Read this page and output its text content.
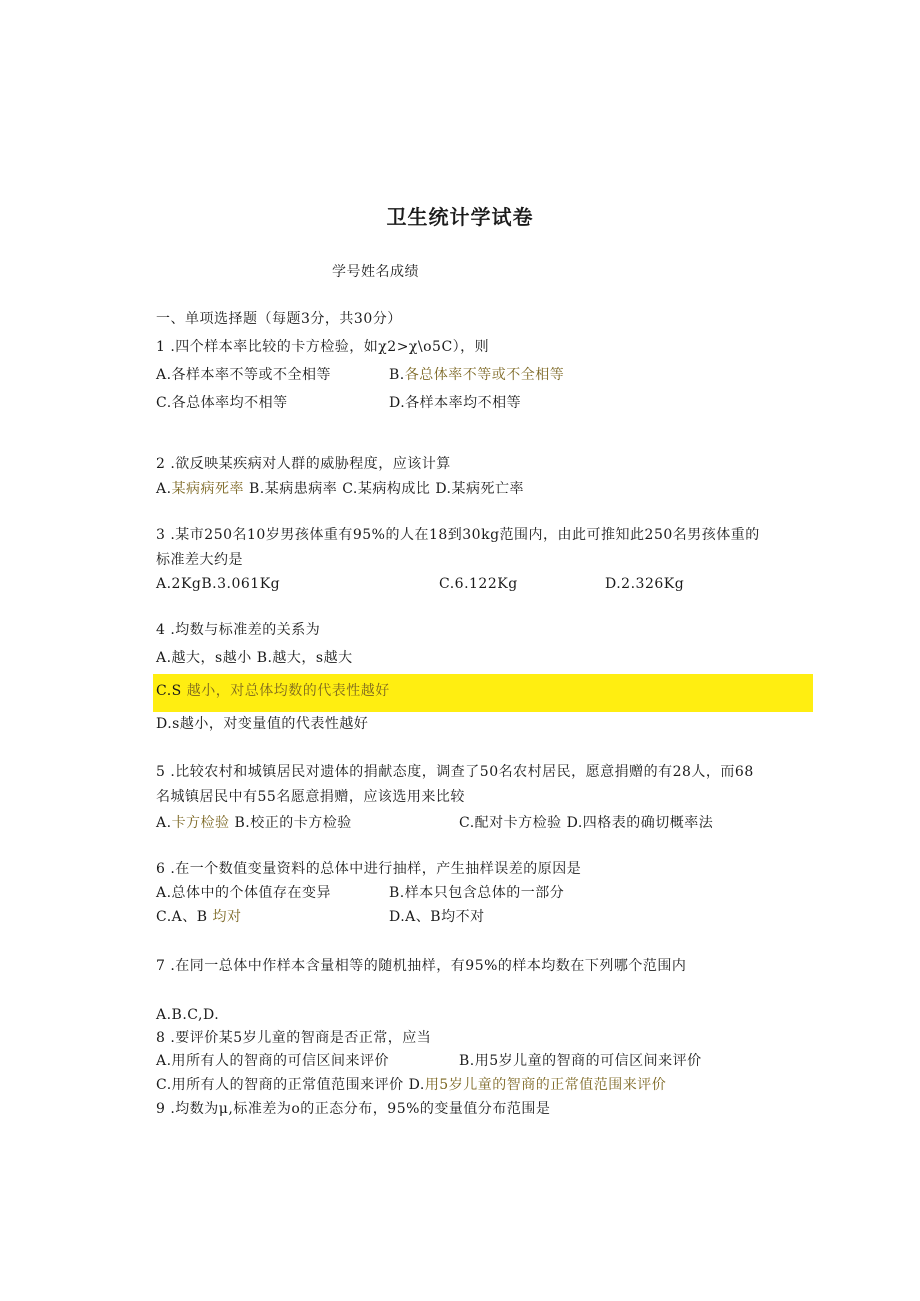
卫生统计学试卷
学号姓名成绩
一、单项选择题（每题3分，共30分）
1 .四个样本率比较的卡方检验，如χ2>χ\o5C），则
A.各样本率不等或不全相等	B.各总体率不等或不全相等
C.各总体率均不相等	D.各样本率均不相等
2 .欲反映某疾病对人群的威胁程度，应该计算
A.某病病死率 B.某病患病率 C.某病构成比 D.某病死亡率
3 .某市250名10岁男孩体重有95%的人在18到30kg范围内，由此可推知此250名男孩体重的
标准差大约是
A.2KgB.3.061Kg	C.6.122Kg	D.2.326Kg
4 .均数与标准差的关系为
A.越大，s越小 B.越大，s越大
C.S 越小，对总体均数的代表性越好
D.s越小，对变量值的代表性越好
5 .比较农村和城镇居民对遗体的捐献态度，调查了50名农村居民，愿意捐赠的有28人，而68
名城镇居民中有55名愿意捐赠，应该选用来比较
A.卡方检验 B.校正的卡方检验	C.配对卡方检验 D.四格表的确切概率法
6 .在一个数值变量资料的总体中进行抽样，产生抽样误差的原因是
A.总体中的个体值存在变异	B.样本只包含总体的一部分
C.A、B 均对	D.A、B均不对
7 .在同一总体中作样本含量相等的随机抽样，有95%的样本均数在下列哪个范围内
A.B.C,D.
8 .要评价某5岁儿童的智商是否正常，应当
A.用所有人的智商的可信区间来评价	B.用5岁儿童的智商的可信区间来评价
C.用所有人的智商的正常值范围来评价 D.用5岁儿童的智商的正常值范围来评价
9 .均数为μ,标准差为o的正态分布，95%的变量值分布范围是
